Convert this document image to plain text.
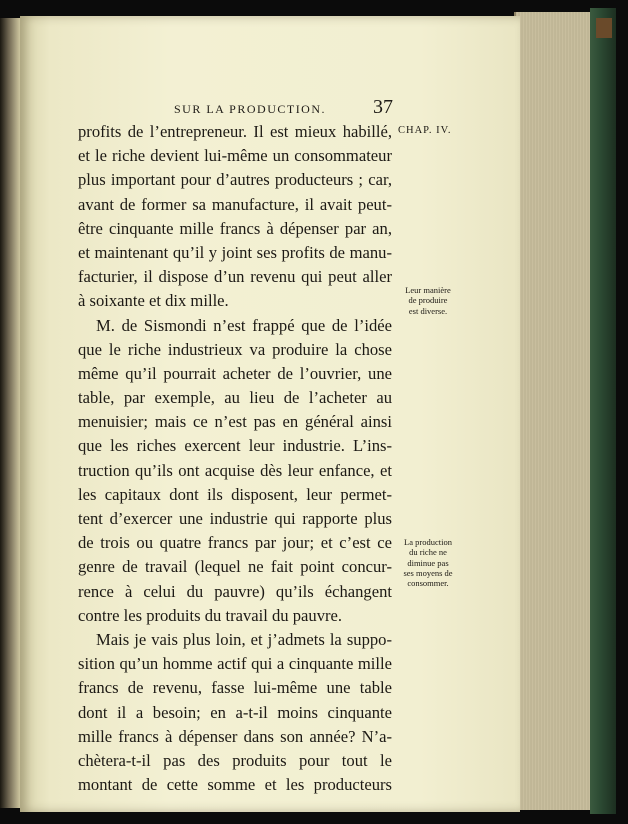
SUR LA PRODUCTION. 37
CHAP. IV.
Leur manière
de produire
est diverse.
La production
du riche ne
diminue pas
ses moyens de
consommer.
profits de l’entrepreneur. Il est mieux habillé,
et le riche devient lui-même un consommateur
plus important pour d’autres producteurs ; car,
avant de former sa manufacture, il avait peut-
être cinquante mille francs à dépenser par an,
et maintenant qu’il y joint ses profits de manu-
facturier, il dispose d’un revenu qui peut aller
à soixante et dix mille.
M. de Sismondi n’est frappé que de l’idée
que le riche industrieux va produire la chose
même qu’il pourrait acheter de l’ouvrier, une
table, par exemple, au lieu de l’acheter au
menuisier; mais ce n’est pas en général ainsi
que les riches exercent leur industrie. L’ins-
truction qu’ils ont acquise dès leur enfance, et
les capitaux dont ils disposent, leur permet-
tent d’exercer une industrie qui rapporte plus
de trois ou quatre francs par jour; et c’est ce
genre de travail (lequel ne fait point concur-
rence à celui du pauvre) qu’ils échangent
contre les produits du travail du pauvre.
Mais je vais plus loin, et j’admets la suppo-
sition qu’un homme actif qui a cinquante mille
francs de revenu, fasse lui-même une table
dont il a besoin; en a-t-il moins cinquante
mille francs à dépenser dans son année? N’a-
chètera-t-il pas des produits pour tout le
montant de cette somme et les producteurs
